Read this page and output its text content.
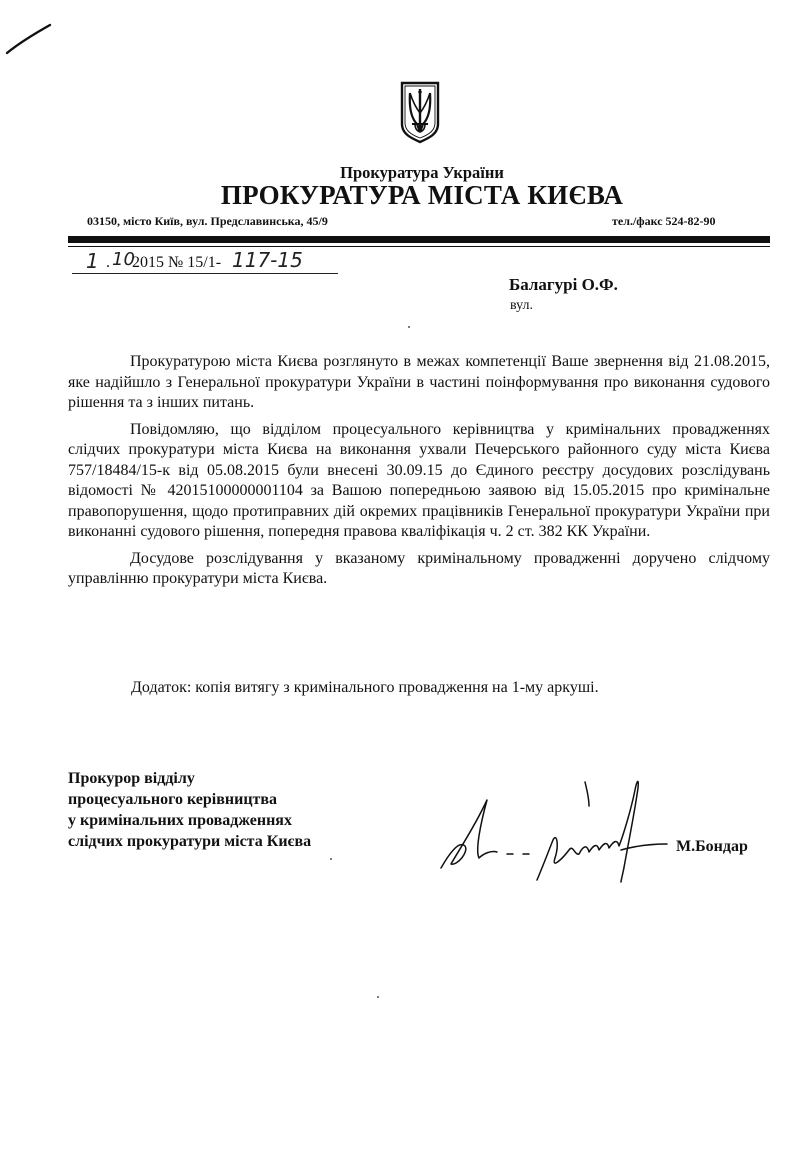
Прокуратура України
ПРОКУРАТУРА МІСТА КИЄВА
03150, місто Київ, вул. Предславинська, 45/9	тел./факс 524-82-90
1 . 10
2015 № 15/1- 117-15
Балагурі О.Ф.
вул.

Прокуратурою міста Києва розглянуто в межах компетенції Ваше звернення від 21.08.2015, яке надійшло з Генеральної прокуратури України в частині поінформування про виконання судового рішення та з інших питань.

Повідомляю, що відділом процесуального керівництва у кримінальних провадженнях слідчих прокуратури міста Києва на виконання ухвали Печерського районного суду міста Києва 757/18484/15-к від 05.08.2015 були внесені 30.09.15 до Єдиного реєстру досудових розслідувань відомості № 42015100000001104 за Вашою попередньою заявою від 15.05.2015 про кримінальне правопорушення, щодо протиправних дій окремих працівників Генеральної прокуратури України при виконанні судового рішення, попередня правова кваліфікація ч. 2 ст. 382 КК України.

Досудове розслідування у вказаному кримінальному провадженні доручено слідчому управлінню прокуратури міста Києва.

Додаток: копія витягу з кримінального провадження на 1-му аркуші.
Прокурор відділу
процесуального керівництва
у кримінальних провадженнях
слідчих прокуратури міста Києва	М.Бондар
